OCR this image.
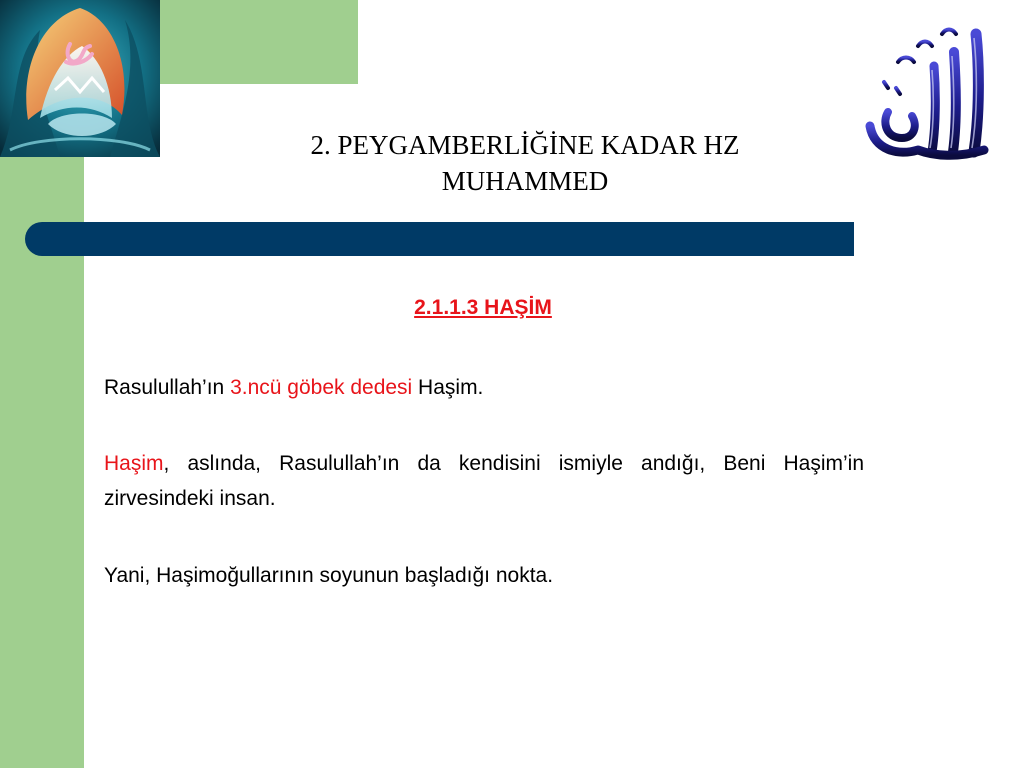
2. PEYGAMBERLİĞİNE KADAR HZ
MUHAMMED
2.1.1.3 HAŞİM
Rasulullah’ın 3.ncü göbek dedesi Haşim.
Haşim, aslında, Rasulullah’ın da kendisini ismiyle andığı, Beni Haşim’in zirvesindeki insan.
Yani, Haşimoğullarının soyunun başladığı nokta.
